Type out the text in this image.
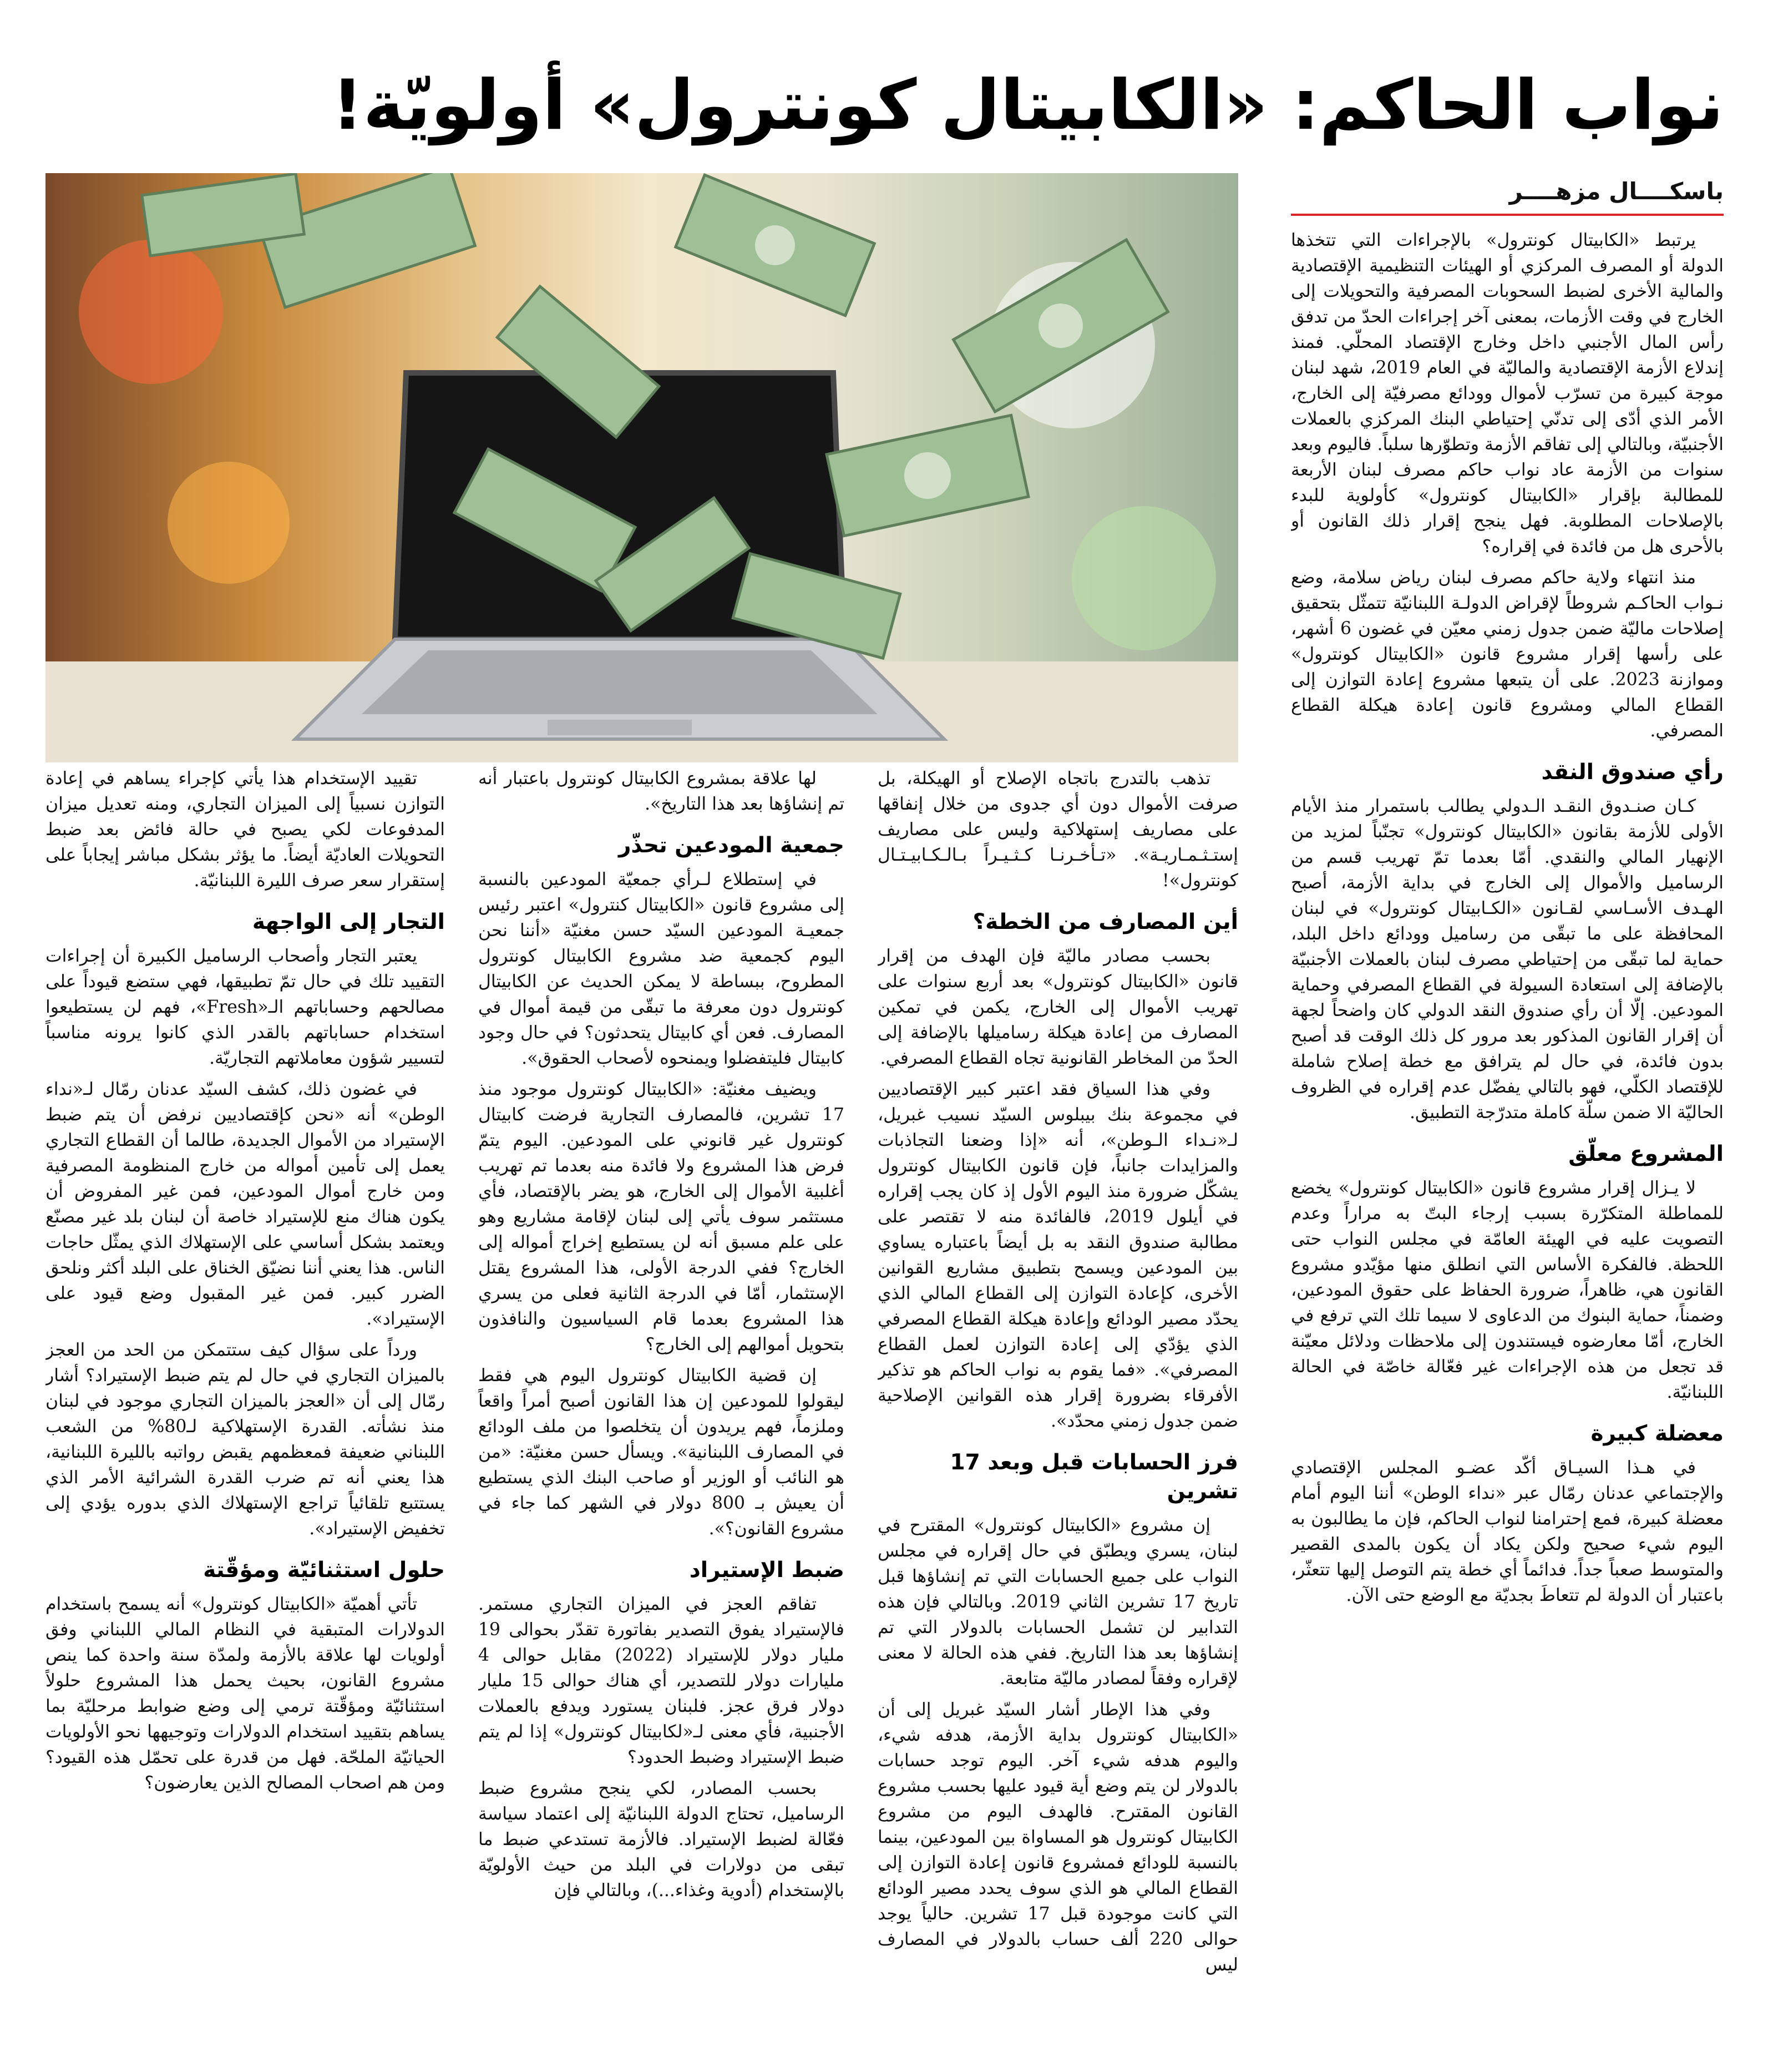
نواب الحاكم: «الكابيتال كونترول» أولويّة!
باسكــــال مزهــــر

يرتبط «الكابيتال كونترول» بالإجراءات التي تتخذها الدولة أو المصرف المركزي أو الهيئات التنظيمية الإقتصادية والمالية الأخرى لضبط السحوبات المصرفية والتحويلات إلى الخارج في وقت الأزمات، بمعنى آخر إجراءات الحدّ من تدفق رأس المال الأجنبي داخل وخارج الإقتصاد المحلّي. فمنذ إندلاع الأزمة الإقتصادية والماليّة في العام 2019، شهد لبنان موجة كبيرة من تسرّب لأموال وودائع مصرفيّة إلى الخارج، الأمر الذي أدّى إلى تدنّي إحتياطي البنك المركزي بالعملات الأجنبيّة، وبالتالي إلى تفاقم الأزمة وتطوّرها سلباً. فاليوم وبعد سنوات من الأزمة عاد نواب حاكم مصرف لبنان الأربعة للمطالبة بإقرار «الكابيتال كونترول» كأولوية للبدء بالإصلاحات المطلوبة. فهل ينجح إقرار ذلك القانون أو بالأحرى هل من فائدة في إقراره؟

منذ انتهاء ولاية حاكم مصرف لبنان رياض سلامة، وضع نـواب الحاكـم شروطاً لإقراض الدولـة اللبنانيّة تتمثّل بتحقيق إصلاحات ماليّة ضمن جدول زمني معيّن في غضون 6 أشهر، على رأسها إقرار مشروع قانون «الكابيتال كونترول» وموازنة 2023. على أن يتبعها مشروع إعادة التوازن إلى القطاع المالي ومشروع قانون إعادة هيكلة القطاع المصرفي.

رأي صندوق النقد

كـان صنـدوق النقـد الـدولي يطالب باستمرار منذ الأيام الأولى للأزمة بقانون «الكابيتال كونترول» تجنّباً لمزيد من الإنهيار المالي والنقدي. أمّا بعدما تمّ تهريب قسم من الرساميل والأموال إلى الخارج في بداية الأزمة، أصبح الهـدف الأسـاسي لقـانون «الكـابيتال كونترول» في لبنان المحافظة على ما تبقّى من رساميل وودائع داخل البلد، حماية لما تبقّى من إحتياطي مصرف لبنان بالعملات الأجنبيّة بالإضافة إلى استعادة السيولة في القطاع المصرفي وحماية المودعين. إلّا أن رأي صندوق النقد الدولي كان واضحاً لجهة أن إقرار القانون المذكور بعد مرور كل ذلك الوقت قد أصبح بدون فائدة، في حال لم يترافق مع خطة إصلاح شاملة للإقتصاد الكلّي، فهو بالتالي يفضّل عدم إقراره في الظروف الحاليّة الا ضمن سلّة كاملة متدرّجة التطبيق.

المشروع معلّق

لا يـزال إقرار مشروع قانون «الكابيتال كونترول» يخضع للمماطلة المتكرّرة بسبب إرجاء البتّ به مراراً وعدم التصويت عليه في الهيئة العامّة في مجلس النواب حتى اللحظة. فالفكرة الأساس التي انطلق منها مؤيّدو مشروع القانون هي، ظاهراً، ضرورة الحفاظ على حقوق المودعين، وضمناً، حماية البنوك من الدعاوى لا سيما تلك التي ترفع في الخارج، أمّا معارضوه فيستندون إلى ملاحظات ودلائل معيّنة قد تجعل من هذه الإجراءات غير فعّالة خاصّة في الحالة اللبنانيّة.

معضلة كبيرة

في هـذا السيـاق أكّد عضـو المجلس الإقتصادي والإجتماعي عدنان رمّال عبر «نداء الوطن» أننا اليوم أمام معضلة كبيرة، فمع إحترامنا لنواب الحاكم، فإن ما يطالبون به اليوم شيء صحيح ولكن يكاد أن يكون بالمدى القصير والمتوسط صعباً جداً. فدائماً أي خطة يتم التوصل إليها تتعثّر، باعتبار أن الدولة لم تتعاطَ بجديّة مع الوضع حتى الآن.

تذهب بالتدرج باتجاه الإصلاح أو الهيكلة، بل صرفت الأموال دون أي جدوى من خلال إنفاقها على مصاريف إستهلاكية وليس على مصاريف إستـثـمـاريـة». «تـأخـرنـا كـثـيـراً بـالـكـابيـتـال كونترول»!

أين المصارف من الخطة؟

بحسب مصادر ماليّة فإن الهدف من إقرار قانون «الكابيتال كونترول» بعد أربع سنوات على تهريب الأموال إلى الخارج، يكمن في تمكين المصارف من إعادة هيكلة رساميلها بالإضافة إلى الحدّ من المخاطر القانونية تجاه القطاع المصرفي.

وفي هذا السياق فقد اعتبر كبير الإقتصاديين في مجموعة بنك بيبلوس السيّد نسيب غبريل، لـ«نـداء الـوطن»، أنه «إذا وضعنا التجاذبات والمزايدات جانباً، فإن قانون الكابيتال كونترول يشكّل ضرورة منذ اليوم الأول إذ كان يجب إقراره في أيلول 2019، فالفائدة منه لا تقتصر على مطالبة صندوق النقد به بل أيضاً باعتباره يساوي بين المودعين ويسمح بتطبيق مشاريع القوانين الأخرى، كإعادة التوازن إلى القطاع المالي الذي يحدّد مصير الودائع وإعادة هيكلة القطاع المصرفي الذي يؤدّي إلى إعادة التوازن لعمل القطاع المصرفي». «فما يقوم به نواب الحاكم هو تذكير الأفرقاء بضرورة إقرار هذه القوانين الإصلاحية ضمن جدول زمني محدّد».

فرز الحسابات قبل وبعد 17 تشرين

إن مشروع «الكابيتال كونترول» المقترح في لبنان، يسري ويطبّق في حال إقراره في مجلس النواب على جميع الحسابات التي تم إنشاؤها قبل تاريخ 17 تشرين الثاني 2019. وبالتالي فإن هذه التدابير لن تشمل الحسابات بالدولار التي تم إنشاؤها بعد هذا التاريخ. ففي هذه الحالة لا معنى لإقراره وفقاً لمصادر ماليّة متابعة.

وفي هذا الإطار أشار السيّد غبريل إلى أن «الكابيتال كونترول بداية الأزمة، هدفه شيء، واليوم هدفه شيء آخر. اليوم توجد حسابات بالدولار لن يتم وضع أية قيود عليها بحسب مشروع القانون المقترح. فالهدف اليوم من مشروع الكابيتال كونترول هو المساواة بين المودعين، بينما بالنسبة للودائع فمشروع قانون إعادة التوازن إلى القطاع المالي هو الذي سوف يحدد مصير الودائع التي كانت موجودة قبل 17 تشرين. حالياً يوجد حوالى 220 ألف حساب بالدولار في المصارف ليس

لها علاقة بمشروع الكابيتال كونترول باعتبار أنه تم إنشاؤها بعد هذا التاريخ».

جمعية المودعين تحذّر

في إستطلاع لـرأي جمعيّة المودعين بالنسبة إلى مشروع قانون «الكابيتال كنترول» اعتبر رئيس جمعيـة المودعين السيّد حسن مغنيّة «أننا نحن اليوم كجمعية ضد مشروع الكابيتال كونترول المطروح، ببساطة لا يمكن الحديث عن الكابيتال كونترول دون معرفة ما تبقّى من قيمة أموال في المصارف. فعن أي كابيتال يتحدثون؟ في حال وجود كابيتال فليتفضلوا ويمنحوه لأصحاب الحقوق».

ويضيف مغنيّة: «الكابيتال كونترول موجود منذ 17 تشرين، فالمصارف التجارية فرضت كابيتال كونترول غير قانوني على المودعين. اليوم يتمّ فرض هذا المشروع ولا فائدة منه بعدما تم تهريب أغلبية الأموال إلى الخارج، هو يضر بالإقتصاد، فأي مستثمر سوف يأتي إلى لبنان لإقامة مشاريع وهو على علم مسبق أنه لن يستطيع إخراج أمواله إلى الخارج؟ ففي الدرجة الأولى، هذا المشروع يقتل الإستثمار، أمّا في الدرجة الثانية فعلى من يسري هذا المشروع بعدما قام السياسيون والنافذون بتحويل أموالهم إلى الخارج؟

إن قضية الكابيتال كونترول اليوم هي فقط ليقولوا للمودعين إن هذا القانون أصبح أمراً واقعاً وملزماً، فهم يريدون أن يتخلصوا من ملف الودائع في المصارف اللبنانية». ويسأل حسن مغنيّة: «من هو النائب أو الوزير أو صاحب البنك الذي يستطيع أن يعيش بـ 800 دولار في الشهر كما جاء في مشروع القانون؟».

ضبط الإستيراد

تفاقم العجز في الميزان التجاري مستمر. فالإستيراد يفوق التصدير بفاتورة تقدّر بحوالى 19 مليار دولار للإستيراد (2022) مقابل حوالى 4 مليارات دولار للتصدير، أي هناك حوالى 15 مليار دولار فرق عجز. فلبنان يستورد ويدفع بالعملات الأجنبية، فأي معنى لـ«لكابيتال كونترول» إذا لم يتم ضبط الإستيراد وضبط الحدود؟

بحسب المصادر، لكي ينجح مشروع ضبط الرساميل، تحتاج الدولة اللبنانيّة إلى اعتماد سياسة فعّالة لضبط الإستيراد. فالأزمة تستدعي ضبط ما تبقى من دولارات في البلد من حيث الأولويّة بالإستخدام (أدوية وغذاء...)، وبالتالي فإن

تقييد الإستخدام هذا يأتي كإجراء يساهم في إعادة التوازن نسبياً إلى الميزان التجاري، ومنه تعديل ميزان المدفوعات لكي يصبح في حالة فائض بعد ضبط التحويلات العاديّة أيضاً. ما يؤثر بشكل مباشر إيجاباً على إستقرار سعر صرف الليرة اللبنانيّة.

التجار إلى الواجهة

يعتبر التجار وأصحاب الرساميل الكبيرة أن إجراءات التقييد تلك في حال تمّ تطبيقها، فهي ستضع قيوداً على مصالحهم وحساباتهم الـ«Fresh»، فهم لن يستطيعوا استخدام حساباتهم بالقدر الذي كانوا يرونه مناسباً لتسيير شؤون معاملاتهم التجاريّة.

في غضون ذلك، كشف السيّد عدنان رمّال لـ«نداء الوطن» أنه «نحن كإقتصاديين نرفض أن يتم ضبط الإستيراد من الأموال الجديدة، طالما أن القطاع التجاري يعمل إلى تأمين أمواله من خارج المنظومة المصرفية ومن خارج أموال المودعين، فمن غير المفروض أن يكون هناك منع للإستيراد خاصة أن لبنان بلد غير مصنّع ويعتمد بشكل أساسي على الإستهلاك الذي يمثّل حاجات الناس. هذا يعني أننا نضيّق الخناق على البلد أكثر ونلحق الضرر كبير. فمن غير المقبول وضع قيود على الإستيراد».

ورداً على سؤال كيف ستتمكن من الحد من العجز بالميزان التجاري في حال لم يتم ضبط الإستيراد؟ أشار رمّال إلى أن «العجز بالميزان التجاري موجود في لبنان منذ نشأته. القدرة الإستهلاكية لـ80% من الشعب اللبناني ضعيفة فمعظمهم يقبض رواتبه بالليرة اللبنانية، هذا يعني أنه تم ضرب القدرة الشرائية الأمر الذي يستتبع تلقائياً تراجع الإستهلاك الذي بدوره يؤدي إلى تخفيض الإستيراد».

حلول استثنائيّة ومؤقّتة

تأتي أهميّة «الكابيتال كونترول» أنه يسمح باستخدام الدولارات المتبقية في النظام المالي اللبناني وفق أولويات لها علاقة بالأزمة ولمدّة سنة واحدة كما ينص مشروع القانون، بحيث يحمل هذا المشروع حلولاً استثنائيّة ومؤقّتة ترمي إلى وضع ضوابط مرحليّة بما يساهم بتقييد استخدام الدولارات وتوجيهها نحو الأولويات الحياتيّة الملحّة. فهل من قدرة على تحمّل هذه القيود؟ ومن هم اصحاب المصالح الذين يعارضون؟
